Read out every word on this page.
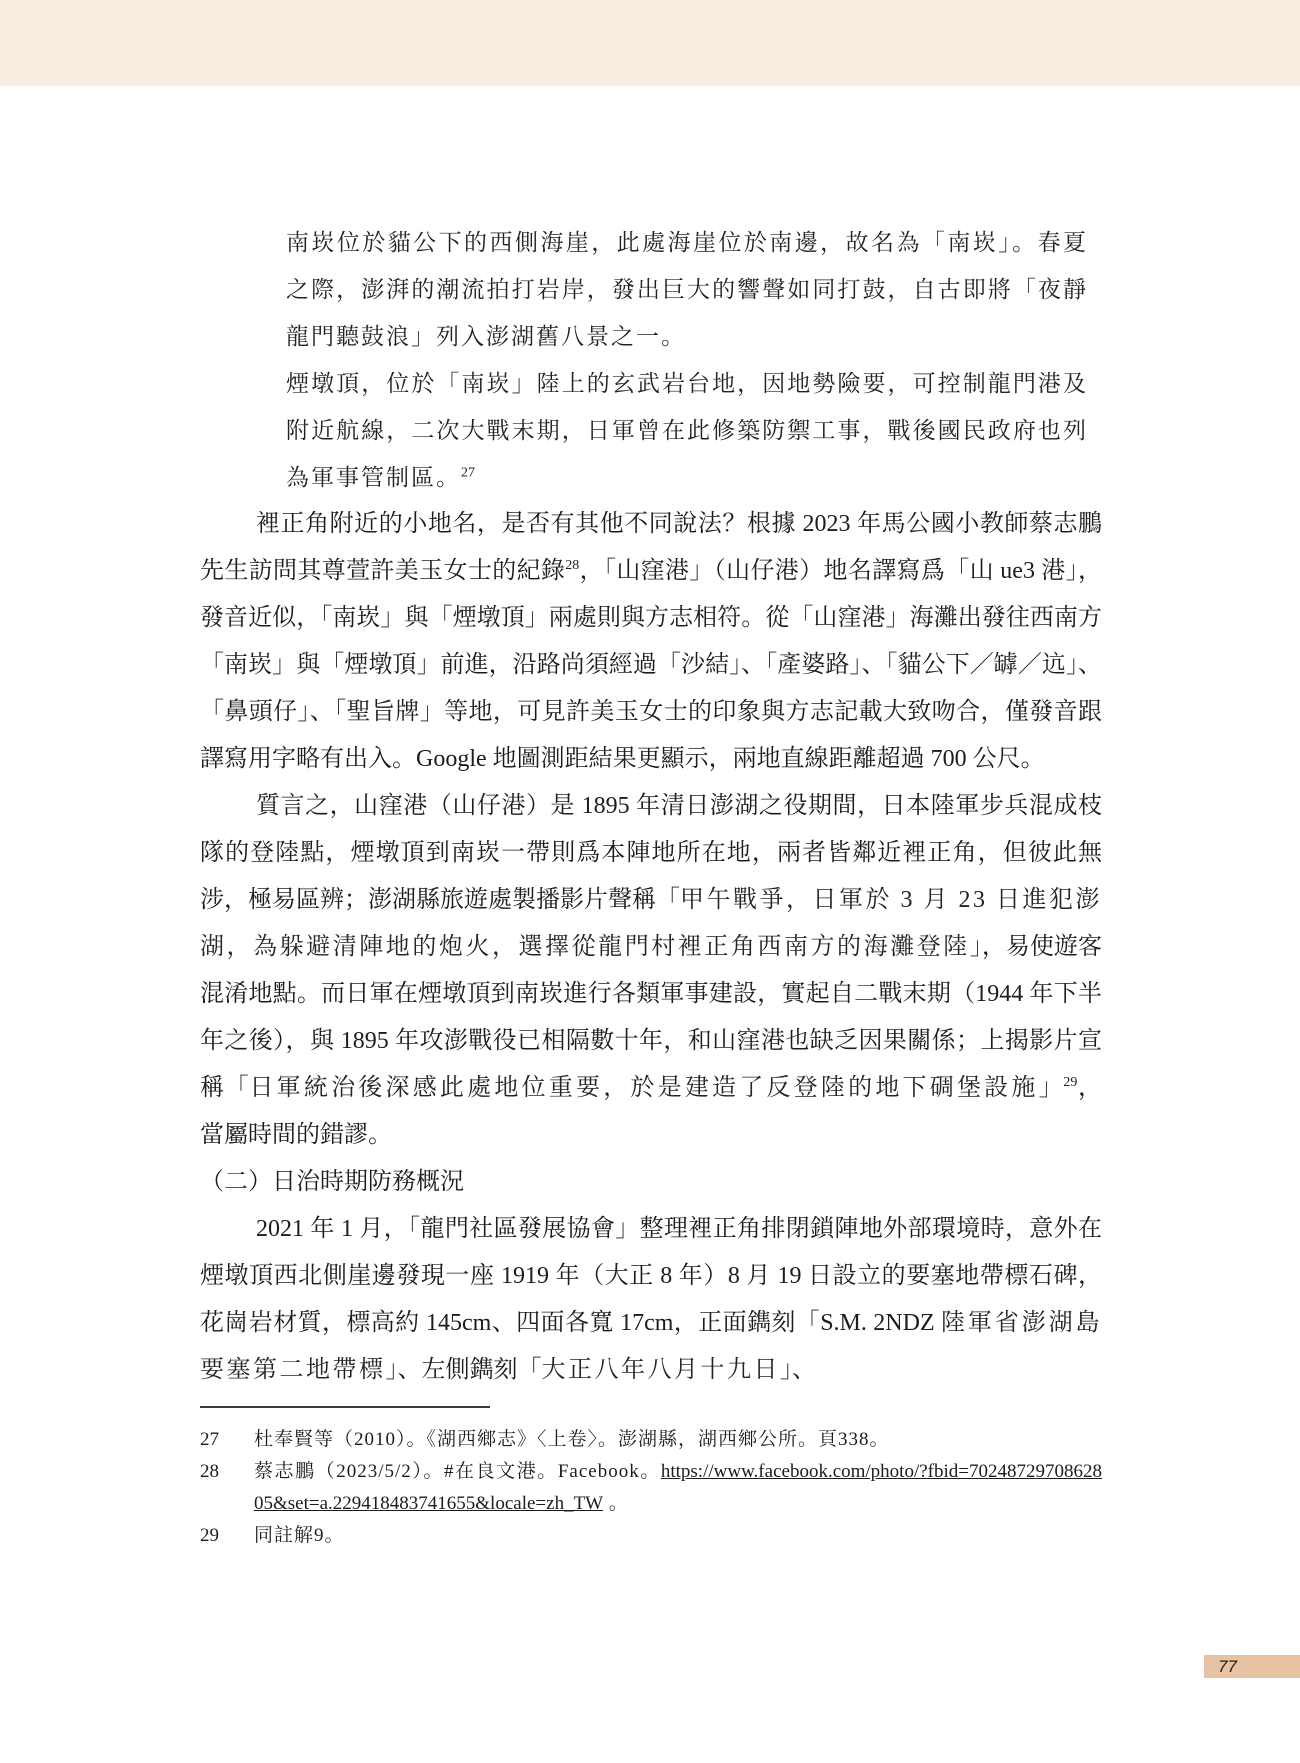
南崁位於貓公下的西側海崖，此處海崖位於南邊，故名為「南崁」。春夏之際，澎湃的潮流拍打岩岸，發出巨大的響聲如同打鼓，自古即將「夜靜龍門聽鼓浪」列入澎湖舊八景之一。

煙墩頂，位於「南崁」陸上的玄武岩台地，因地勢險要，可控制龍門港及附近航線，二次大戰末期，日軍曾在此修築防禦工事，戰後國民政府也列為軍事管制區。$^{27}$

裡正角附近的小地名，是否有其他不同說法？根據 2023 年馬公國小教師蔡志鵬先生訪問其尊萱許美玉女士的紀錄$^{28}$，「山窪港」（山仔港）地名譯寫爲「山 ue3 港」，發音近似，「南崁」與「煙墩頂」兩處則與方志相符。從「山窪港」海灘出發往西南方「南崁」與「煙墩頂」前進，沿路尚須經過「沙結」、「產婆路」、「貓公下／罅／迒」、「鼻頭仔」、「聖旨牌」等地，可見許美玉女士的印象與方志記載大致吻合，僅發音跟譯寫用字略有出入。Google 地圖測距結果更顯示，兩地直線距離超過 700 公尺。

質言之，山窪港（山仔港）是 1895 年清日澎湖之役期間，日本陸軍步兵混成枝隊的登陸點，煙墩頂到南崁一帶則爲本陣地所在地，兩者皆鄰近裡正角，但彼此無涉，極易區辨；澎湖縣旅遊處製播影片聲稱「甲午戰爭，日軍於 3 月 23 日進犯澎湖，為躲避清陣地的炮火，選擇從龍門村裡正角西南方的海灘登陸」，易使遊客混淆地點。而日軍在煙墩頂到南崁進行各類軍事建設，實起自二戰末期（1944 年下半年之後），與 1895 年攻澎戰役已相隔數十年，和山窪港也缺乏因果關係；上揭影片宣稱「日軍統治後深感此處地位重要，於是建造了反登陸的地下碉堡設施」$^{29}$，當屬時間的錯謬。

（二）日治時期防務概況

2021 年 1 月，「龍門社區發展協會」整理裡正角排閉鎖陣地外部環境時，意外在煙墩頂西北側崖邊發現一座 1919 年（大正 8 年）8 月 19 日設立的要塞地帶標石碑，花崗岩材質，標高約 145cm、四面各寬 17cm，正面鐫刻「S.M. 2NDZ 陸軍省澎湖島要塞第二地帶標」、左側鐫刻「大正八年八月十九日」、

27	杜奉賢等（2010）。《湖西鄉志》〈上卷〉。澎湖縣，湖西鄉公所。頁338。
28	蔡志鵬（2023/5/2）。#在良文港。Facebook。https://www.facebook.com/photo/?fbid=7024872970862805&set=a.229418483741655&locale=zh_TW 。
29	同註解9。
77
